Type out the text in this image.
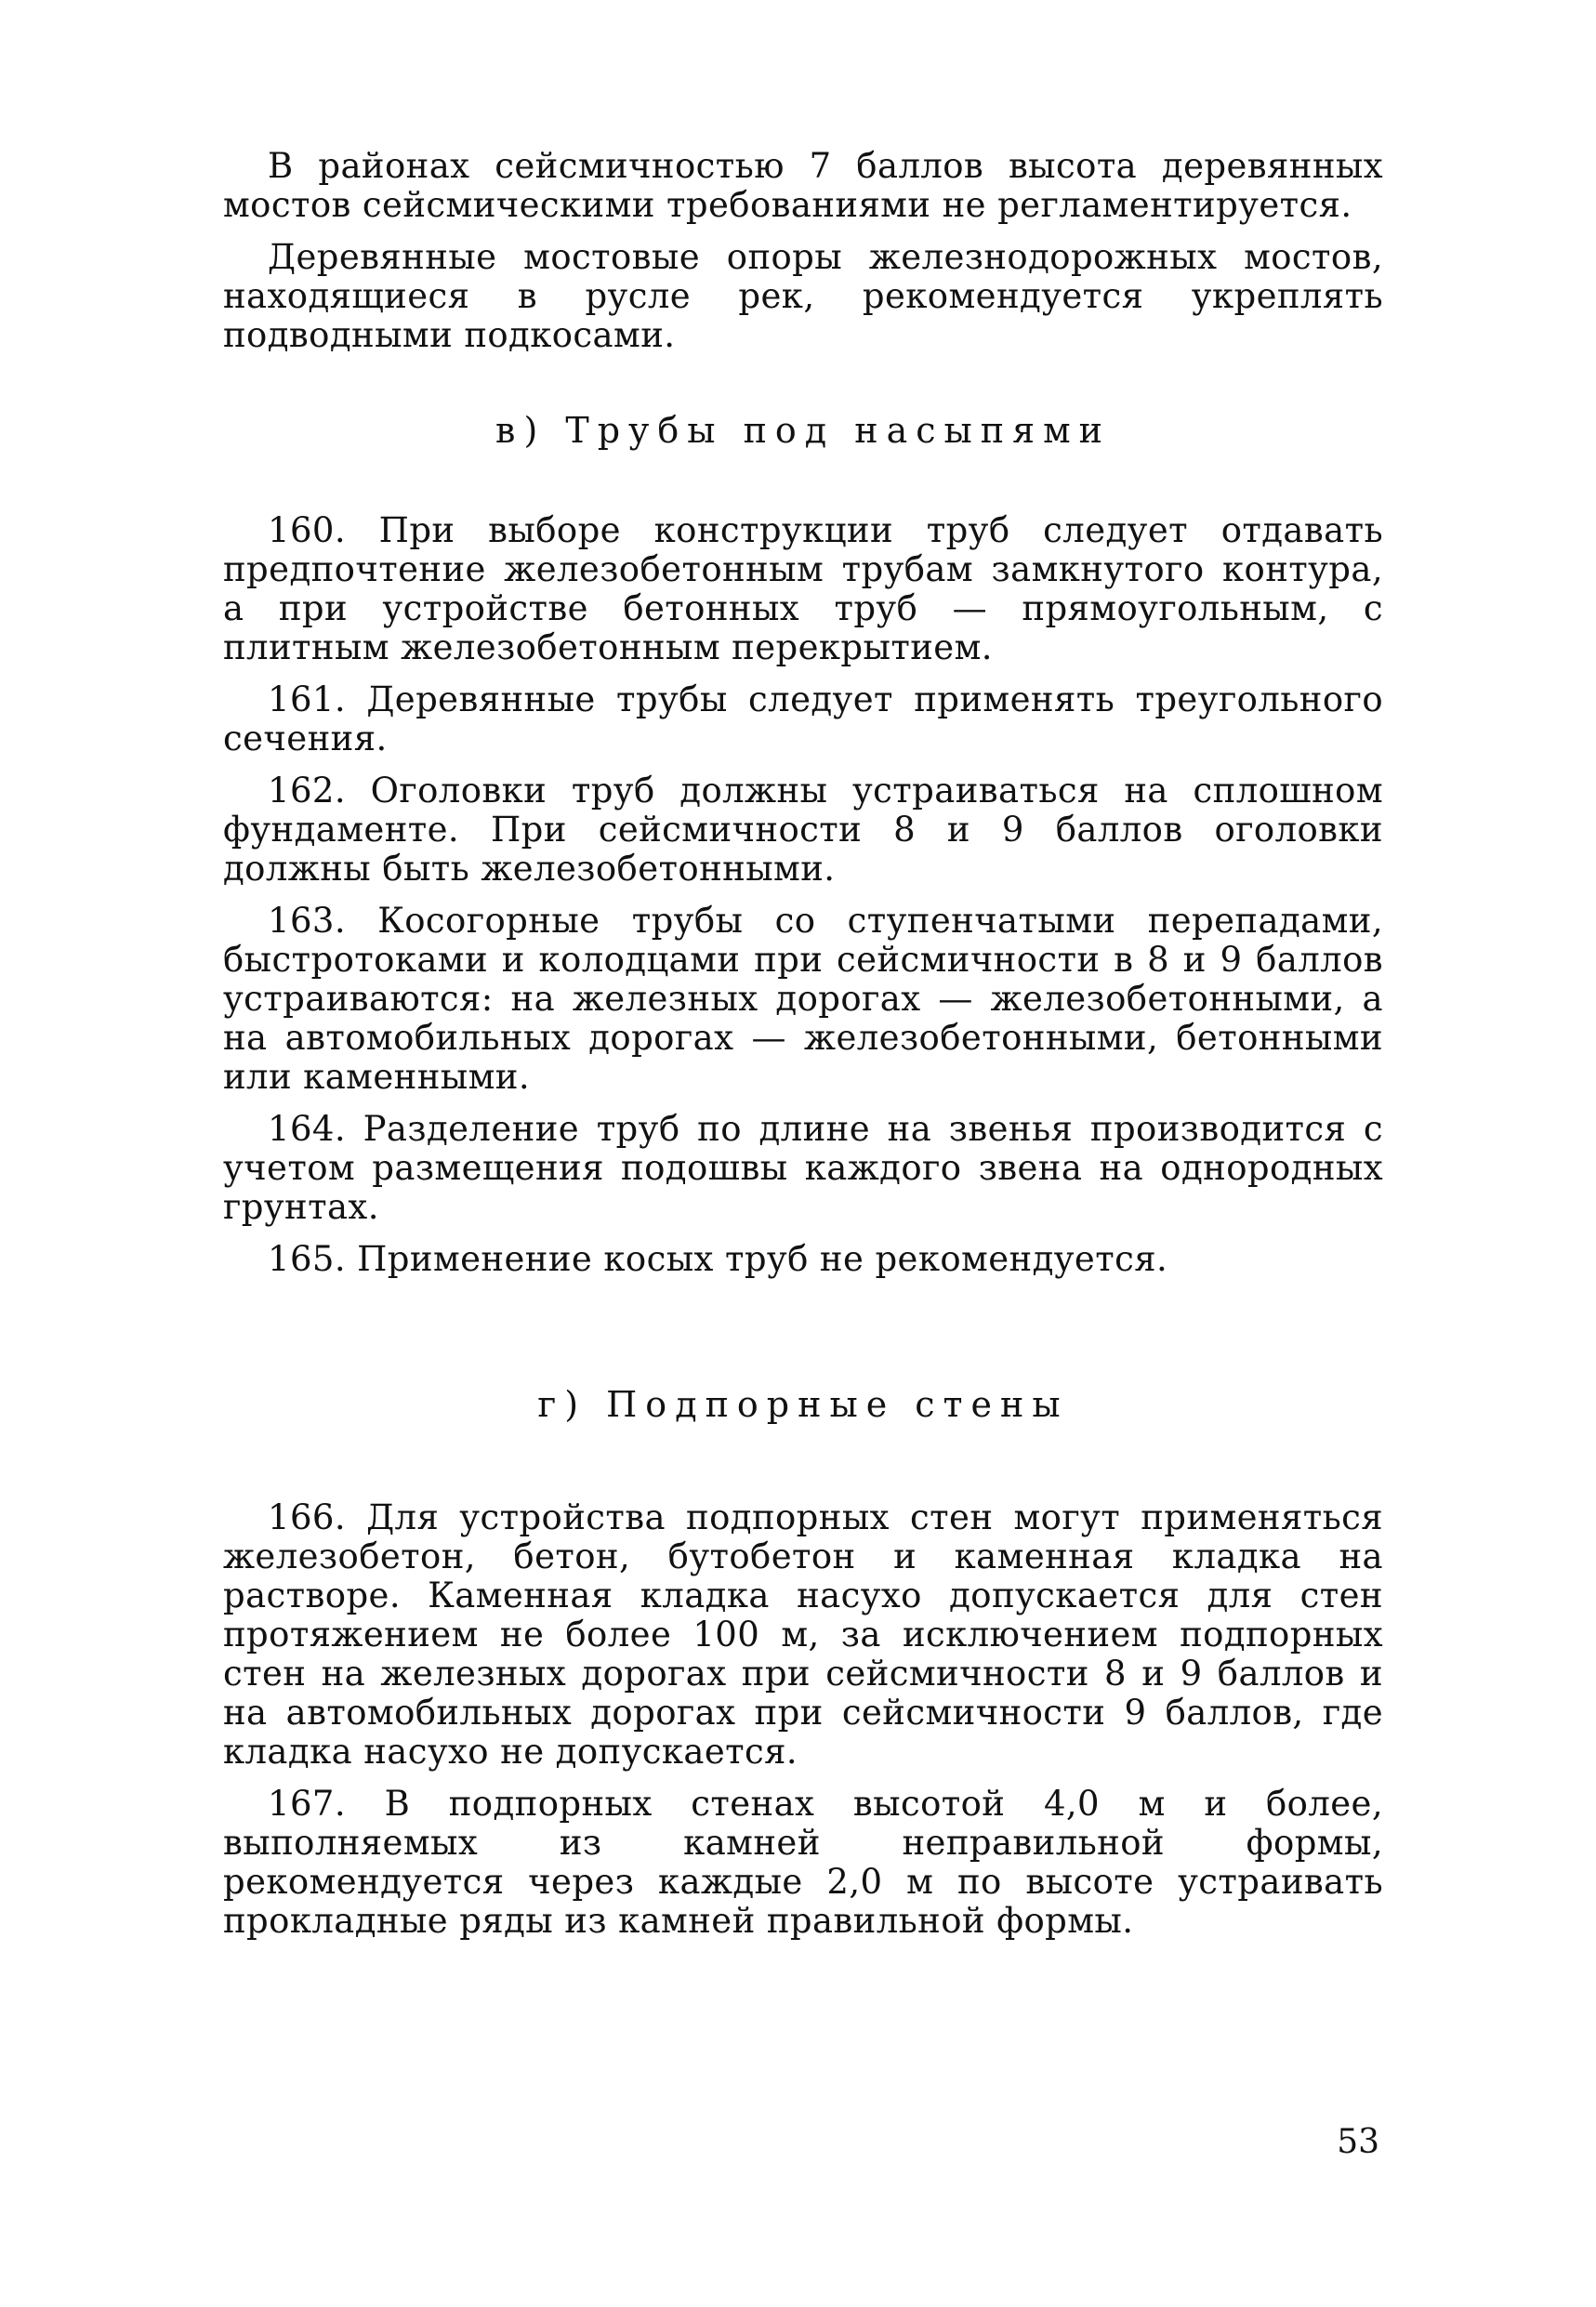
В районах сейсмичностью 7 баллов высота деревянных мостов сейсмическими требованиями не регламентируется.

Деревянные мостовые опоры железнодорожных мостов, находящиеся в русле рек, рекомендуется укреплять подводными подкосами.

в) Трубы под насыпями

160. При выборе конструкции труб следует отдавать предпочтение железобетонным трубам замкнутого контура, а при устройстве бетонных труб — прямоугольным, с плитным железобетонным перекрытием.

161. Деревянные трубы следует применять треугольного сечения.

162. Оголовки труб должны устраиваться на сплошном фундаменте. При сейсмичности 8 и 9 баллов оголовки должны быть железобетонными.

163. Косогорные трубы со ступенчатыми перепадами, быстротоками и колодцами при сейсмичности в 8 и 9 баллов устраиваются: на железных дорогах — железобетонными, а на автомобильных дорогах — железобетонными, бетонными или каменными.

164. Разделение труб по длине на звенья производится с учетом размещения подошвы каждого звена на однородных грунтах.

165. Применение косых труб не рекомендуется.

г) Подпорные стены

166. Для устройства подпорных стен могут применяться железобетон, бетон, бутобетон и каменная кладка на растворе. Каменная кладка насухо допускается для стен протяжением не более 100 м, за исключением подпорных стен на железных дорогах при сейсмичности 8 и 9 баллов и на автомобильных дорогах при сейсмичности 9 баллов, где кладка насухо не допускается.

167. В подпорных стенах высотой 4,0 м и более, выполняемых из камней неправильной формы, рекомендуется через каждые 2,0 м по высоте устраивать прокладные ряды из камней правильной формы.

53
